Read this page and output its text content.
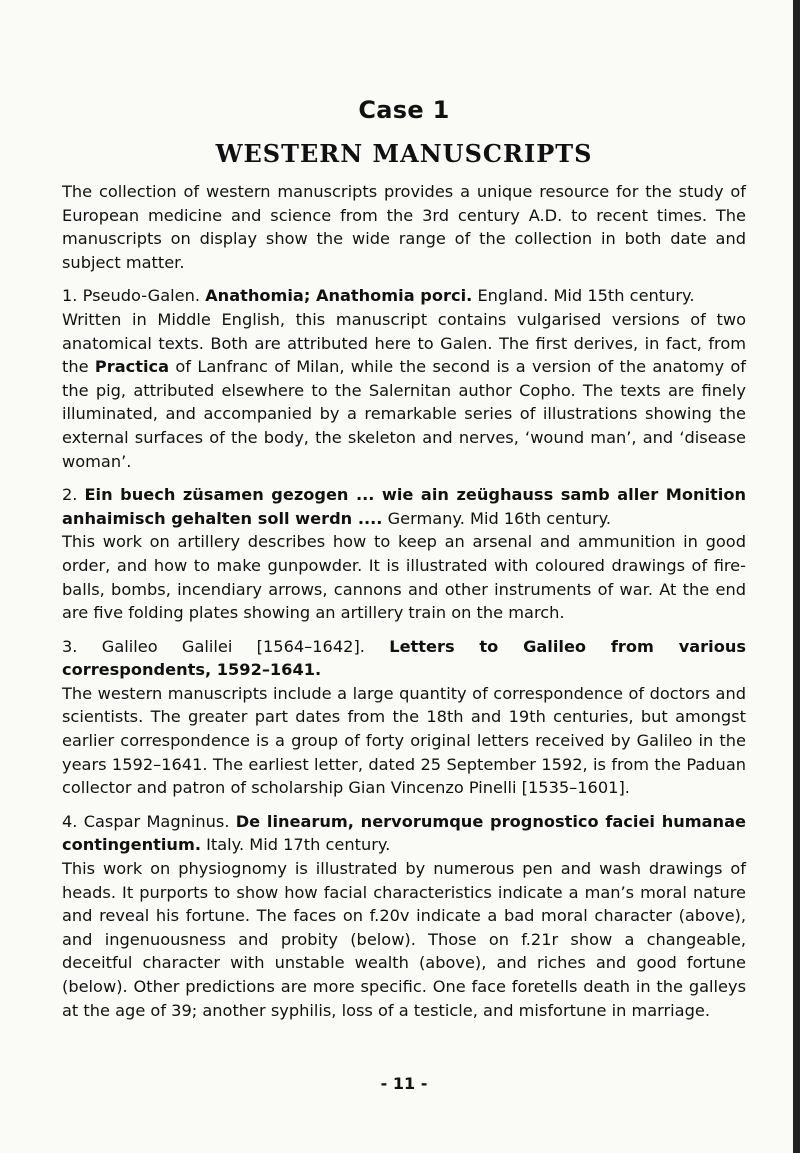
Case 1
WESTERN MANUSCRIPTS

The collection of western manuscripts provides a unique resource for the study of European medicine and science from the 3rd century A.D. to recent times. The manuscripts on display show the wide range of the collection in both date and subject matter.

1. Pseudo-Galen. Anathomia; Anathomia porci. England. Mid 15th century.
Written in Middle English, this manuscript contains vulgarised versions of two anatomical texts. Both are attributed here to Galen. The first derives, in fact, from the Practica of Lanfranc of Milan, while the second is a version of the anatomy of the pig, attributed elsewhere to the Salernitan author Copho. The texts are finely illuminated, and accompanied by a remarkable series of illustrations showing the external surfaces of the body, the skeleton and nerves, ‘wound man’, and ‘disease woman’.
2. Ein buech züsamen gezogen ... wie ain zeüghauss samb aller Monition anhaimisch gehalten soll werdn .... Germany. Mid 16th century.
This work on artillery describes how to keep an arsenal and ammunition in good order, and how to make gunpowder. It is illustrated with coloured drawings of fire-balls, bombs, incendiary arrows, cannons and other instruments of war. At the end are five folding plates showing an artillery train on the march.
3. Galileo Galilei [1564–1642]. Letters to Galileo from various correspondents, 1592–1641.
The western manuscripts include a large quantity of correspondence of doctors and scientists. The greater part dates from the 18th and 19th centuries, but amongst earlier correspondence is a group of forty original letters received by Galileo in the years 1592–1641. The earliest letter, dated 25 September 1592, is from the Paduan collector and patron of scholarship Gian Vincenzo Pinelli [1535–1601].
4. Caspar Magninus. De linearum, nervorumque prognostico faciei humanae contingentium. Italy. Mid 17th century.
This work on physiognomy is illustrated by numerous pen and wash drawings of heads. It purports to show how facial characteristics indicate a man’s moral nature and reveal his fortune. The faces on f.20v indicate a bad moral character (above), and ingenuousness and probity (below). Those on f.21r show a changeable, deceitful character with unstable wealth (above), and riches and good fortune (below). Other predictions are more specific. One face foretells death in the galleys at the age of 39; another syphilis, loss of a testicle, and misfortune in marriage.
- 11 -
